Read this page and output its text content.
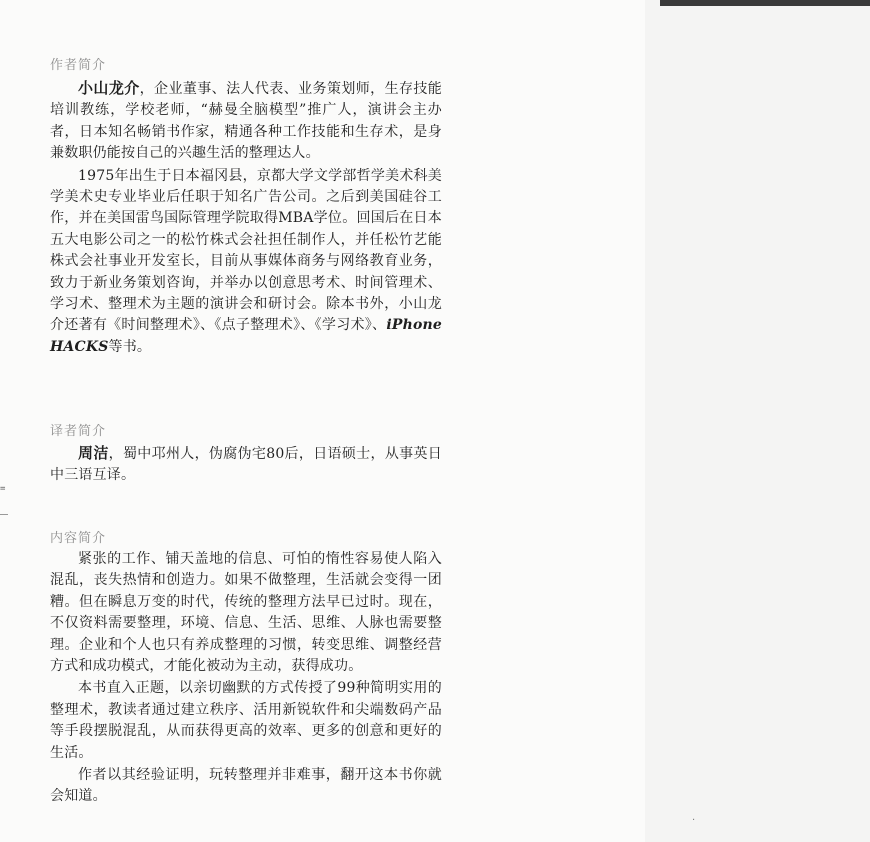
=
.
作者简介

小山龙介，企业董事、法人代表、业务策划师，生存技能培训教练，学校老师，“赫曼全脑模型”推广人，演讲会主办者，日本知名畅销书作家，精通各种工作技能和生存术，是身兼数职仍能按自己的兴趣生活的整理达人。

1975年出生于日本福冈县，京都大学文学部哲学美术科美学美术史专业毕业后任职于知名广告公司。之后到美国硅谷工作，并在美国雷鸟国际管理学院取得MBA学位。回国后在日本五大电影公司之一的松竹株式会社担任制作人，并任松竹艺能株式会社事业开发室长，目前从事媒体商务与网络教育业务，致力于新业务策划咨询，并举办以创意思考术、时间管理术、学习术、整理术为主题的演讲会和研讨会。除本书外，小山龙介还著有《时间整理术》、《点子整理术》、《学习术》、iPhone HACKS等书。

译者简介

周洁，蜀中邛州人，伪腐伪宅80后，日语硕士，从事英日中三语互译。

内容简介

紧张的工作、铺天盖地的信息、可怕的惰性容易使人陷入混乱，丧失热情和创造力。如果不做整理，生活就会变得一团糟。但在瞬息万变的时代，传统的整理方法早已过时。现在，不仅资料需要整理，环境、信息、生活、思维、人脉也需要整理。企业和个人也只有养成整理的习惯，转变思维、调整经营方式和成功模式，才能化被动为主动，获得成功。

本书直入正题，以亲切幽默的方式传授了99种简明实用的整理术，教读者通过建立秩序、活用新锐软件和尖端数码产品等手段摆脱混乱，从而获得更高的效率、更多的创意和更好的生活。

作者以其经验证明，玩转整理并非难事，翻开这本书你就会知道。
